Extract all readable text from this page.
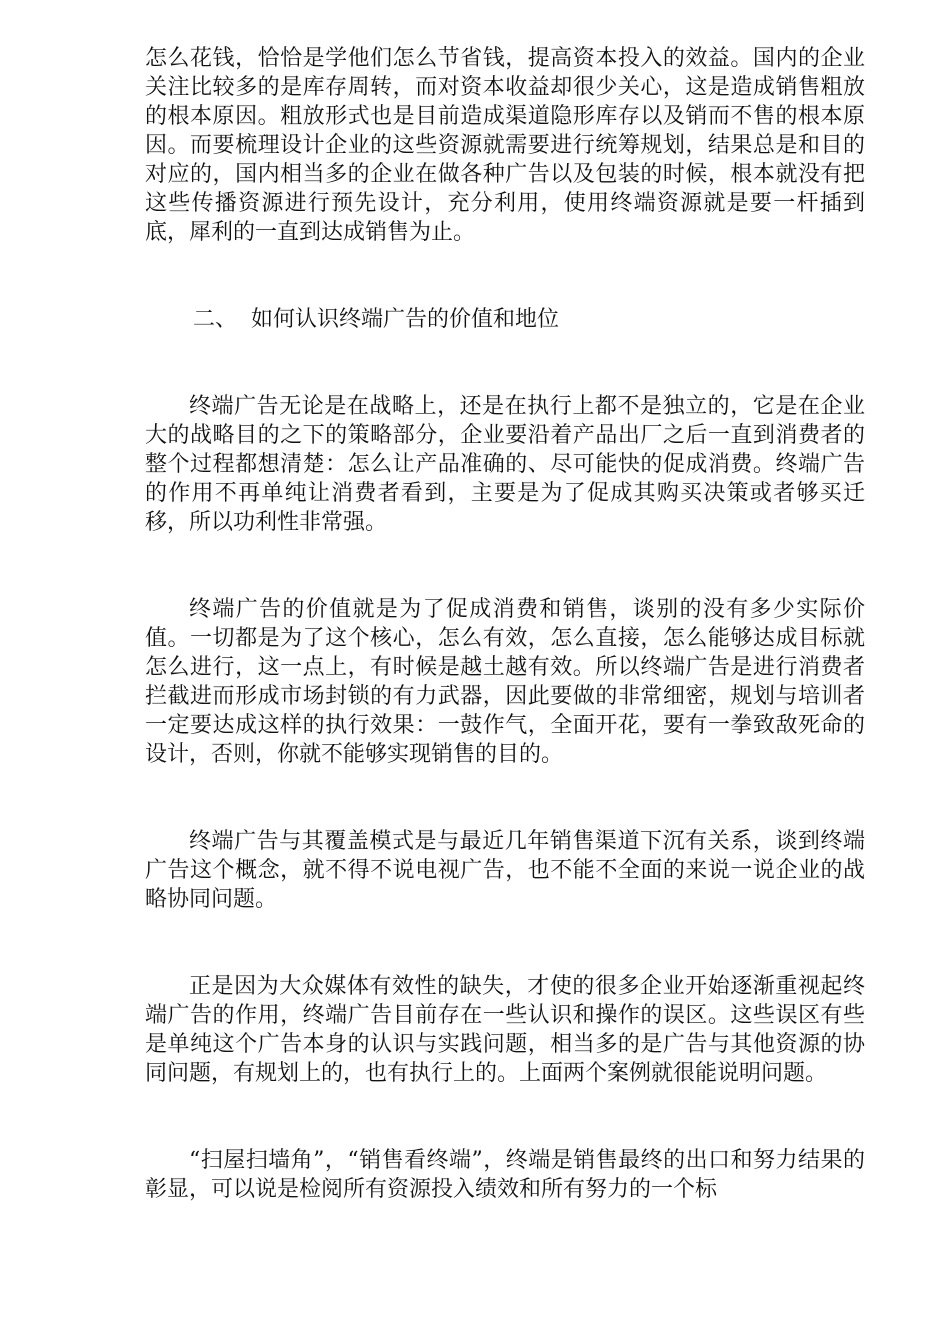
怎么花钱，恰恰是学他们怎么节省钱，提高资本投入的效益。国内的企业关注比较多的是库存周转，而对资本收益却很少关心，这是造成销售粗放的根本原因。粗放形式也是目前造成渠道隐形库存以及销而不售的根本原因。而要梳理设计企业的这些资源就需要进行统筹规划，结果总是和目的对应的，国内相当多的企业在做各种广告以及包装的时候，根本就没有把这些传播资源进行预先设计，充分利用，使用终端资源就是要一杆插到底，犀利的一直到达成销售为止。

二、 如何认识终端广告的价值和地位

终端广告无论是在战略上，还是在执行上都不是独立的，它是在企业大的战略目的之下的策略部分，企业要沿着产品出厂之后一直到消费者的整个过程都想清楚：怎么让产品准确的、尽可能快的促成消费。终端广告的作用不再单纯让消费者看到，主要是为了促成其购买决策或者够买迁移，所以功利性非常强。

终端广告的价值就是为了促成消费和销售，谈别的没有多少实际价值。一切都是为了这个核心，怎么有效，怎么直接，怎么能够达成目标就怎么进行，这一点上，有时候是越土越有效。所以终端广告是进行消费者拦截进而形成市场封锁的有力武器，因此要做的非常细密，规划与培训者一定要达成这样的执行效果：一鼓作气，全面开花，要有一拳致敌死命的设计，否则，你就不能够实现销售的目的。

终端广告与其覆盖模式是与最近几年销售渠道下沉有关系，谈到终端广告这个概念，就不得不说电视广告，也不能不全面的来说一说企业的战略协同问题。

正是因为大众媒体有效性的缺失，才使的很多企业开始逐渐重视起终端广告的作用，终端广告目前存在一些认识和操作的误区。这些误区有些是单纯这个广告本身的认识与实践问题，相当多的是广告与其他资源的协同问题，有规划上的，也有执行上的。上面两个案例就很能说明问题。

“扫屋扫墙角”，“销售看终端”，终端是销售最终的出口和努力结果的彰显，可以说是检阅所有资源投入绩效和所有努力的一个标
